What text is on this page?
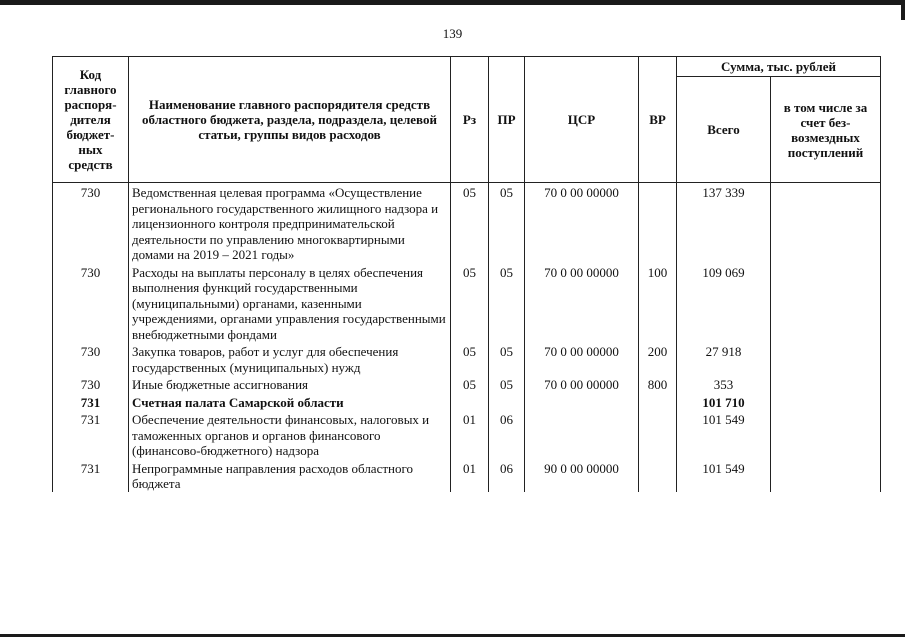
139
Код главного распоря-дителя бюджет-ных средств	Наименование главного распорядителя средств областного бюджета, раздела, подраздела, целевой статьи, группы видов расходов	Рз	ПР	ЦСР	ВР	Сумма, тыс. рублей	
						Всего	в том числе за счет без-возмездных поступлений
730	Ведомственная целевая программа «Осуществление регионального государственного жилищного надзора и лицензионного контроля предпринимательской деятельности по управлению многоквартирными домами на 2019 – 2021 годы»	05	05	70 0 00 00000		137 339	
730	Расходы на выплаты персоналу в целях обеспечения выполнения функций государственными (муниципальными) органами, казенными учреждениями, органами управления государственными внебюджетными фондами	05	05	70 0 00 00000	100	109 069	
730	Закупка товаров, работ и услуг для обеспечения государственных (муниципальных) нужд	05	05	70 0 00 00000	200	27 918	
730	Иные бюджетные ассигнования	05	05	70 0 00 00000	800	353	
731	Счетная палата Самарской области					101 710	
731	Обеспечение деятельности финансовых, налоговых и таможенных органов и органов финансового (финансово-бюджетного) надзора	01	06			101 549	
731	Непрограммные направления расходов областного бюджета	01	06	90 0 00 00000		101 549	
